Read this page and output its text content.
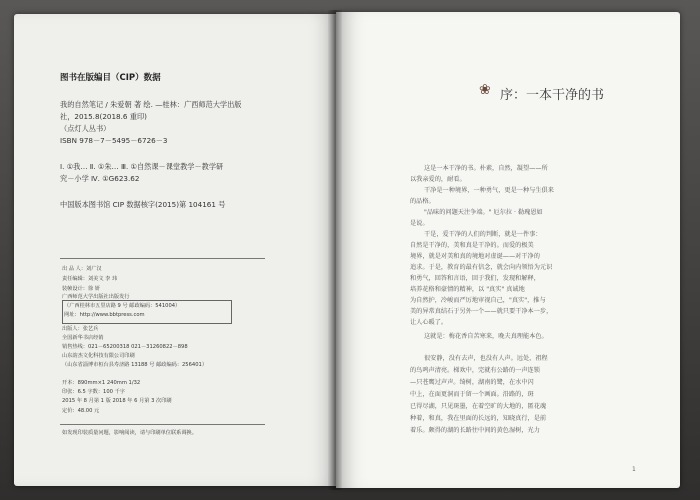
图书在版编目（CIP）数据
我的自然笔记 / 朱爱朝 著 绘. —桂林：广西师范大学出版
社，2015.8(2018.6 重印)
（点灯人丛书）
ISBN 978－7－5495－6726－3
Ⅰ. ①我… Ⅱ. ①朱… Ⅲ. ①自然课－课堂教学－教学研
究－小学 Ⅳ. ①G623.62
中国版本图书馆 CIP 数据核字(2015)第 104161 号
出 品 人：刘广汉
责任编辑：刘美文 李 玮
装帧设计：徐 妍
广西师范大学出版社出版发行
（广西桂林市五里店路 9 号 邮政编码：541004）
网址：http://www.bbtpress.com
出版人：张艺兵
全国新华书店经销
销售热线：021－65200318 021－31260822－898
山东韵杰文化科技有限公司印刷
（山东省淄博市桓台县寿济路 13188 号 邮政编码：256401）
开本：890mm×1 240mm 1/32
印张：6.5 字数：100 千字
2015 年 8 月第 1 版 2018 年 6 月第 3 次印刷
定价：48.00 元
如发现印装质量问题，影响阅读，请与印刷单位联系调换。
❀ 序：一本干净的书
这是一本干净的书。朴素，自然，凝望——所
以我亲爱的，耐看。
干净是一种境界，一种勇气，更是一种与生俱来
的品格。
"品味的问题天注争端。" 厄尔拉 · 勒瑰恩如
是说。
干是，爱干净的人们的判断，就是一件事：
自然是干净的，美和真是干净的。而爱的极美
境界，就是对美和真的境地对虚诞——对干净的
追求。于是，教育的最有信念，就会向内领悟为元识
和勇气，回答和言语，回于我们，发现和解释，
培养花格和豪情的精神，以 "真实" 真诚地
为自然护，冷峻而严厉地审视自己，"真实"，推与
美的异常真结石于另外一个——就只要干净本一步，
让人心暖了。
这就是：梅花香自苦寒来，晚夫真理能本色。
很安静，没有去声，也没有人声。远处，祖程
的鸟鸣声清亮。梯欢中，完就有公路的一声连锁
—只苍鹰过声声。绮树，湖南的鹭，在水中闪
中上，在面更洞而于留一个画面。沿路的，斑
已得尽湖，只见斑墨，在着空旷的大地的，匿花魂
种着，和真，我在里面的长远的，知晓真行，是前
着乐。颇得的湖的长路往中间的黄色湿树，光力
1
